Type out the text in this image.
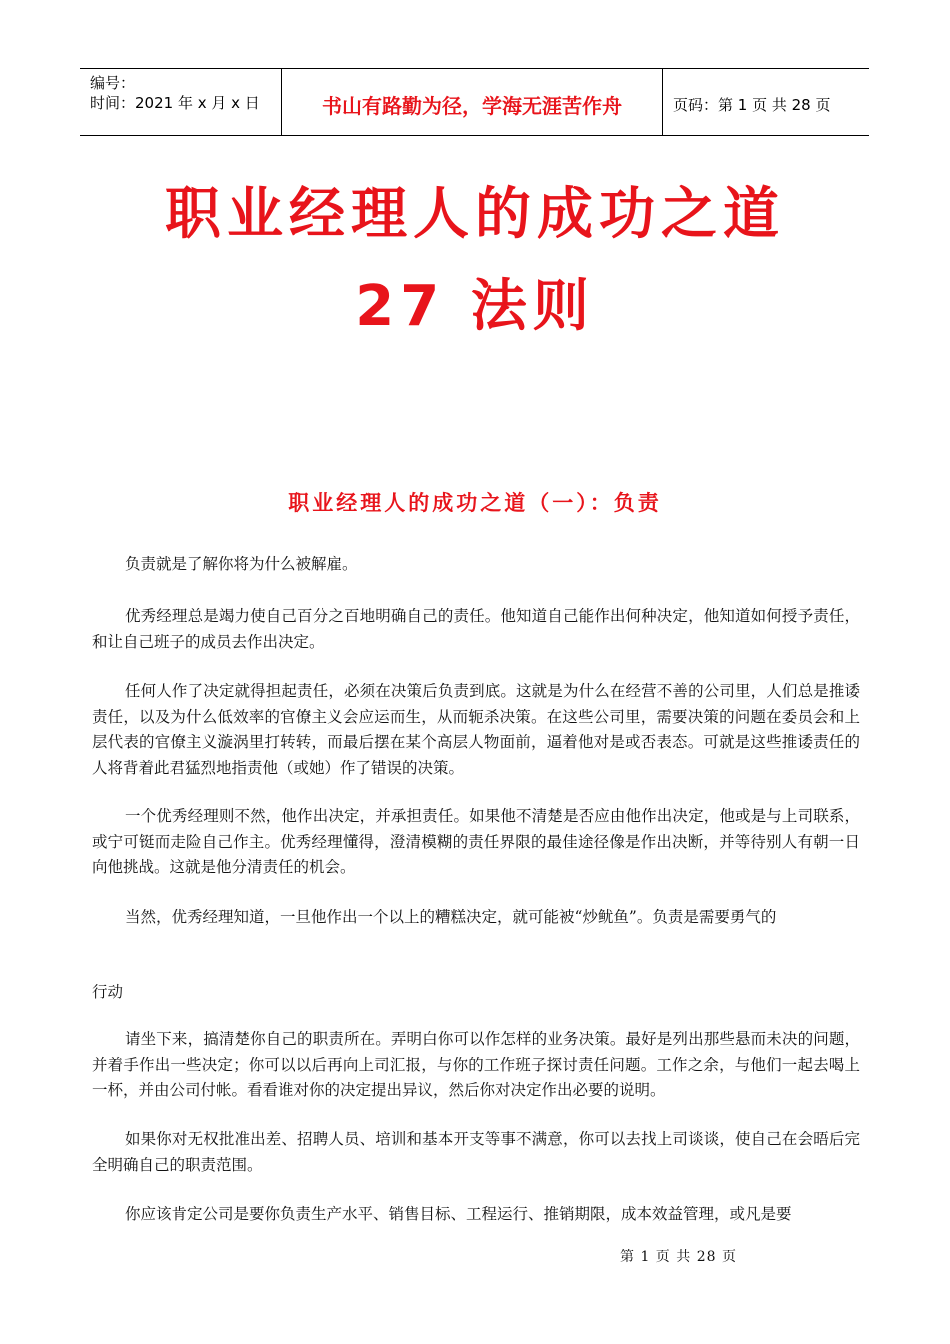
编号：
时间：2021 年 x 月 x 日	书山有路勤为径，学海无涯苦作舟	页码：第 1 页 共 28 页
职业经理人的成功之道
27 法则
职业经理人的成功之道（一）：负责

负责就是了解你将为什么被解雇。

优秀经理总是竭力使自己百分之百地明确自己的责任。他知道自己能作出何种决定，他知道如何授予责任，和让自己班子的成员去作出决定。

任何人作了决定就得担起责任，必须在决策后负责到底。这就是为什么在经营不善的公司里，人们总是推诿责任，以及为什么低效率的官僚主义会应运而生，从而轭杀决策。在这些公司里，需要决策的问题在委员会和上层代表的官僚主义漩涡里打转转，而最后摆在某个高层人物面前，逼着他对是或否表态。可就是这些推诿责任的人将背着此君猛烈地指责他（或她）作了错误的决策。

一个优秀经理则不然，他作出决定，并承担责任。如果他不清楚是否应由他作出决定，他或是与上司联系，或宁可铤而走险自己作主。优秀经理懂得，澄清模糊的责任界限的最佳途径像是作出决断，并等待别人有朝一日向他挑战。这就是他分清责任的机会。

当然，优秀经理知道，一旦他作出一个以上的糟糕决定，就可能被“炒鱿鱼”。负责是需要勇气的

行动

请坐下来，搞清楚你自己的职责所在。弄明白你可以作怎样的业务决策。最好是列出那些悬而未决的问题，并着手作出一些决定；你可以以后再向上司汇报，与你的工作班子探讨责任问题。工作之余，与他们一起去喝上一杯，并由公司付帐。看看谁对你的决定提出异议，然后你对决定作出必要的说明。

如果你对无权批准出差、招聘人员、培训和基本开支等事不满意，你可以去找上司谈谈，使自己在会晤后完全明确自己的职责范围。

你应该肯定公司是要你负责生产水平、销售目标、工程运行、推销期限，成本效益管理，或凡是要

第 1 页 共 28 页
